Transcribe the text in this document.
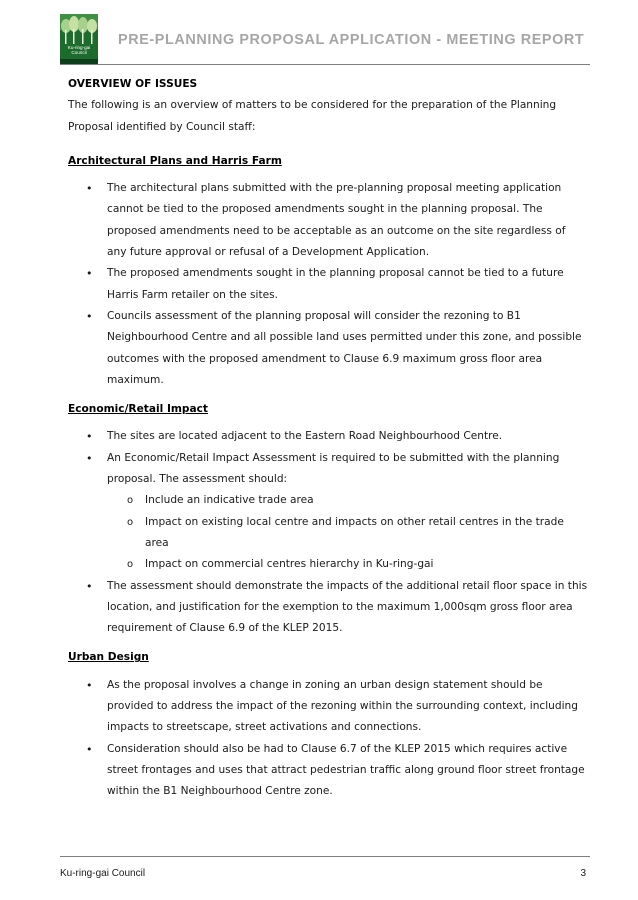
Ku-ring-gai
Council
PRE-PLANNING PROPOSAL APPLICATION - MEETING REPORT
OVERVIEW OF ISSUES
The following is an overview of matters to be considered for the preparation of the Planning Proposal identified by Council staff:
Architectural Plans and Harris Farm
• The architectural plans submitted with the pre-planning proposal meeting application cannot be tied to the proposed amendments sought in the planning proposal. The proposed amendments need to be acceptable as an outcome on the site regardless of any future approval or refusal of a Development Application.
• The proposed amendments sought in the planning proposal cannot be tied to a future Harris Farm retailer on the sites.
• Councils assessment of the planning proposal will consider the rezoning to B1 Neighbourhood Centre and all possible land uses permitted under this zone, and possible outcomes with the proposed amendment to Clause 6.9 maximum gross floor area maximum.
Economic/Retail Impact
• The sites are located adjacent to the Eastern Road Neighbourhood Centre.
• An Economic/Retail Impact Assessment is required to be submitted with the planning proposal. The assessment should:
o Include an indicative trade area
o Impact on existing local centre and impacts on other retail centres in the trade area
o Impact on commercial centres hierarchy in Ku-ring-gai
• The assessment should demonstrate the impacts of the additional retail floor space in this location, and justification for the exemption to the maximum 1,000sqm gross floor area requirement of Clause 6.9 of the KLEP 2015.
Urban Design
• As the proposal involves a change in zoning an urban design statement should be provided to address the impact of the rezoning within the surrounding context, including impacts to streetscape, street activations and connections.
• Consideration should also be had to Clause 6.7 of the KLEP 2015 which requires active street frontages and uses that attract pedestrian traffic along ground floor street frontage within the B1 Neighbourhood Centre zone.
Ku-ring-gai Council	3
